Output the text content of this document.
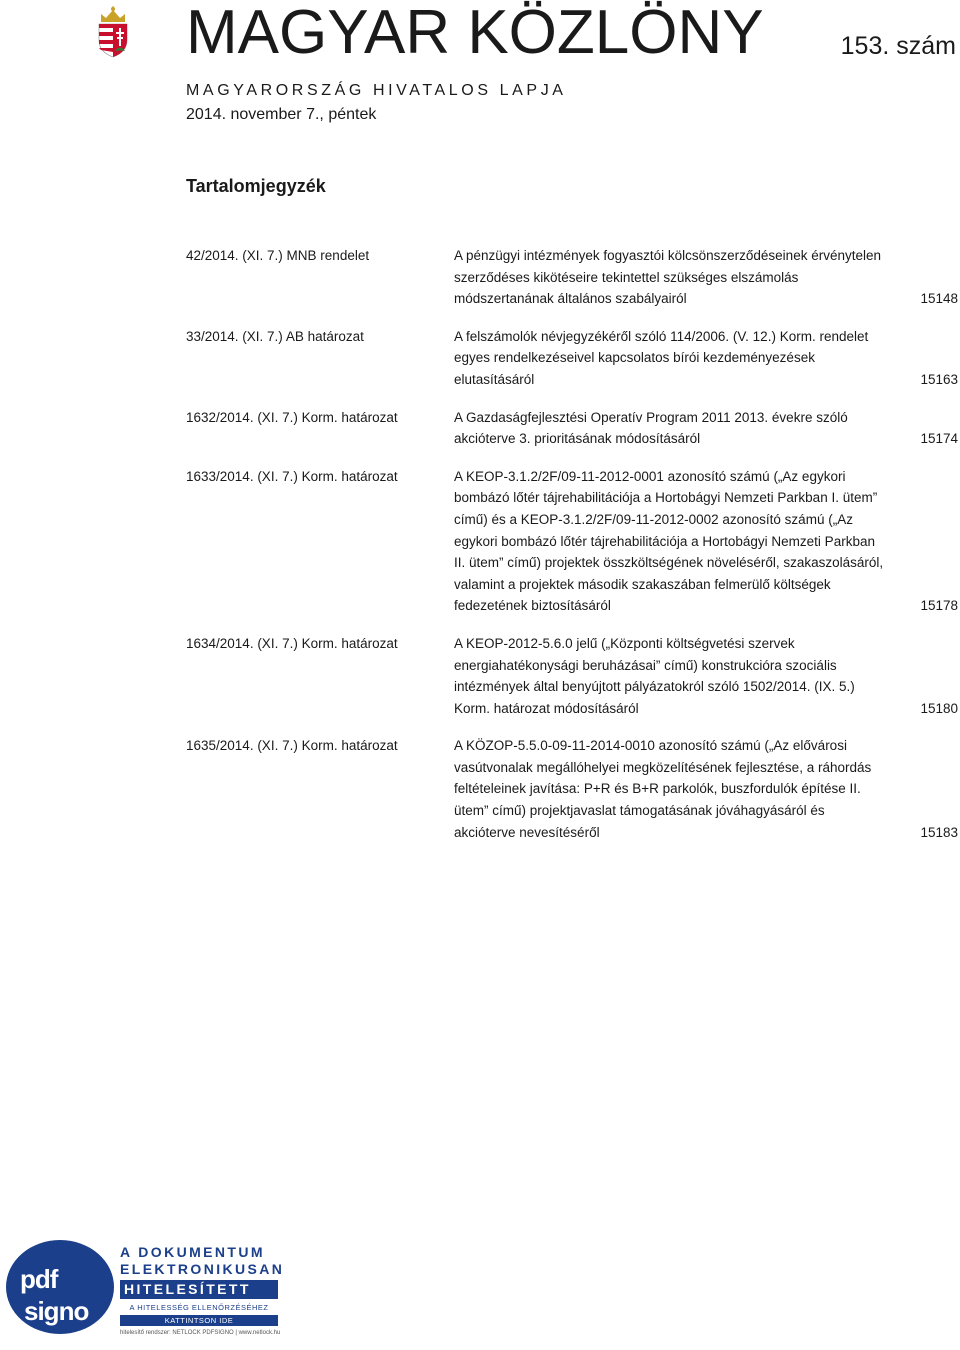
MAGYAR KÖZLÖNY	153. szám
MAGYARORSZÁG HIVATALOS LAPJA
2014. november 7., péntek
Tartalomjegyzék
42/2014. (XI. 7.) MNB rendelet	A pénzügyi intézmények fogyasztói kölcsönszerződéseinek érvénytelen szerződéses kikötéseire tekintettel szükséges elszámolás módszertanának általános szabályairól	15148
33/2014. (XI. 7.) AB határozat	A felszámolók névjegyzékéről szóló 114/2006. (V. 12.) Korm. rendelet egyes rendelkezéseivel kapcsolatos bírói kezdeményezések elutasításáról	15163
1632/2014. (XI. 7.) Korm. határozat	A Gazdaságfejlesztési Operatív Program 2011 2013. évekre szóló akcióterve 3. prioritásának módosításáról	15174
1633/2014. (XI. 7.) Korm. határozat	A KEOP-3.1.2/2F/09-11-2012-0001 azonosító számú („Az egykori bombázó lőtér tájrehabilitációja a Hortobágyi Nemzeti Parkban I. ütem” című) és a KEOP-3.1.2/2F/09-11-2012-0002 azonosító számú („Az egykori bombázó lőtér tájrehabilitációja a Hortobágyi Nemzeti Parkban II. ütem” című) projektek összköltségének növeléséről, szakaszolásáról, valamint a projektek második szakaszában felmerülő költségek fedezetének biztosításáról	15178
1634/2014. (XI. 7.) Korm. határozat	A KEOP-2012-5.6.0 jelű („Központi költségvetési szervek energiahatékonysági beruházásai” című) konstrukcióra szociális intézmények által benyújtott pályázatokról szóló 1502/2014. (IX. 5.) Korm. határozat módosításáról	15180
1635/2014. (XI. 7.) Korm. határozat	A KÖZOP-5.5.0-09-11-2014-0010 azonosító számú („Az elővárosi vasútvonalak megállóhelyei megközelítésének fejlesztése, a ráhordás feltételeinek javítása: P+R és B+R parkolók, buszfordulók építése II. ütem” című) projektjavaslat támogatásának jóváhagyásáról és akcióterve nevesítéséről	15183
pdf
signo
A DOKUMENTUM
ELEKTRONIKUSAN
HITELESÍTETT
A HITELESSÉG ELLENŐRZÉSÉHEZ
KATTINTSON IDE
hitelesítő rendszer: NETLOCK PDFSIGNO | www.netlock.hu
